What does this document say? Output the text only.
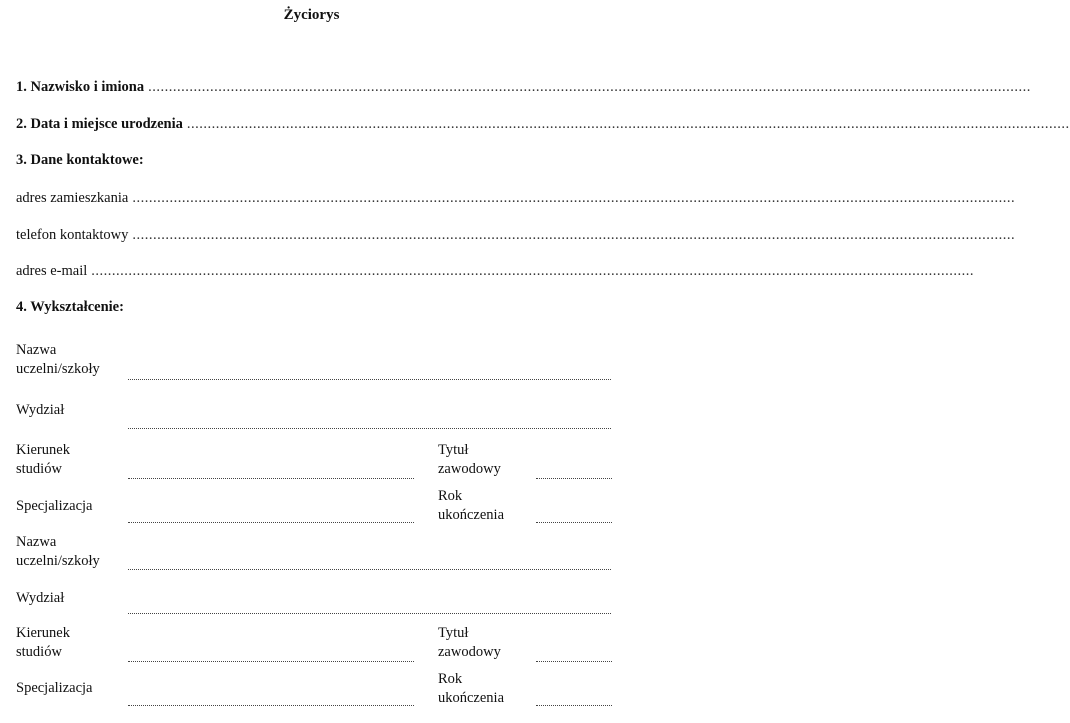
Życiorys
1. Nazwisko i imiona ......................................................................................................................................................................................................................
2. Data i miejsce urodzenia ......................................................................................................................................................................................................................
3. Dane kontaktowe:
adres zamieszkania ......................................................................................................................................................................................................................
telefon kontaktowy ......................................................................................................................................................................................................................
adres e-mail ......................................................................................................................................................................................................................
4. Wykształcenie:
Nazwa
uczelni/szkoły
Wydział
Kierunek
studiów
Tytuł
zawodowy
Specjalizacja
Rok
ukończenia
Nazwa
uczelni/szkoły
Wydział
Kierunek
studiów
Tytuł
zawodowy
Specjalizacja
Rok
ukończenia
